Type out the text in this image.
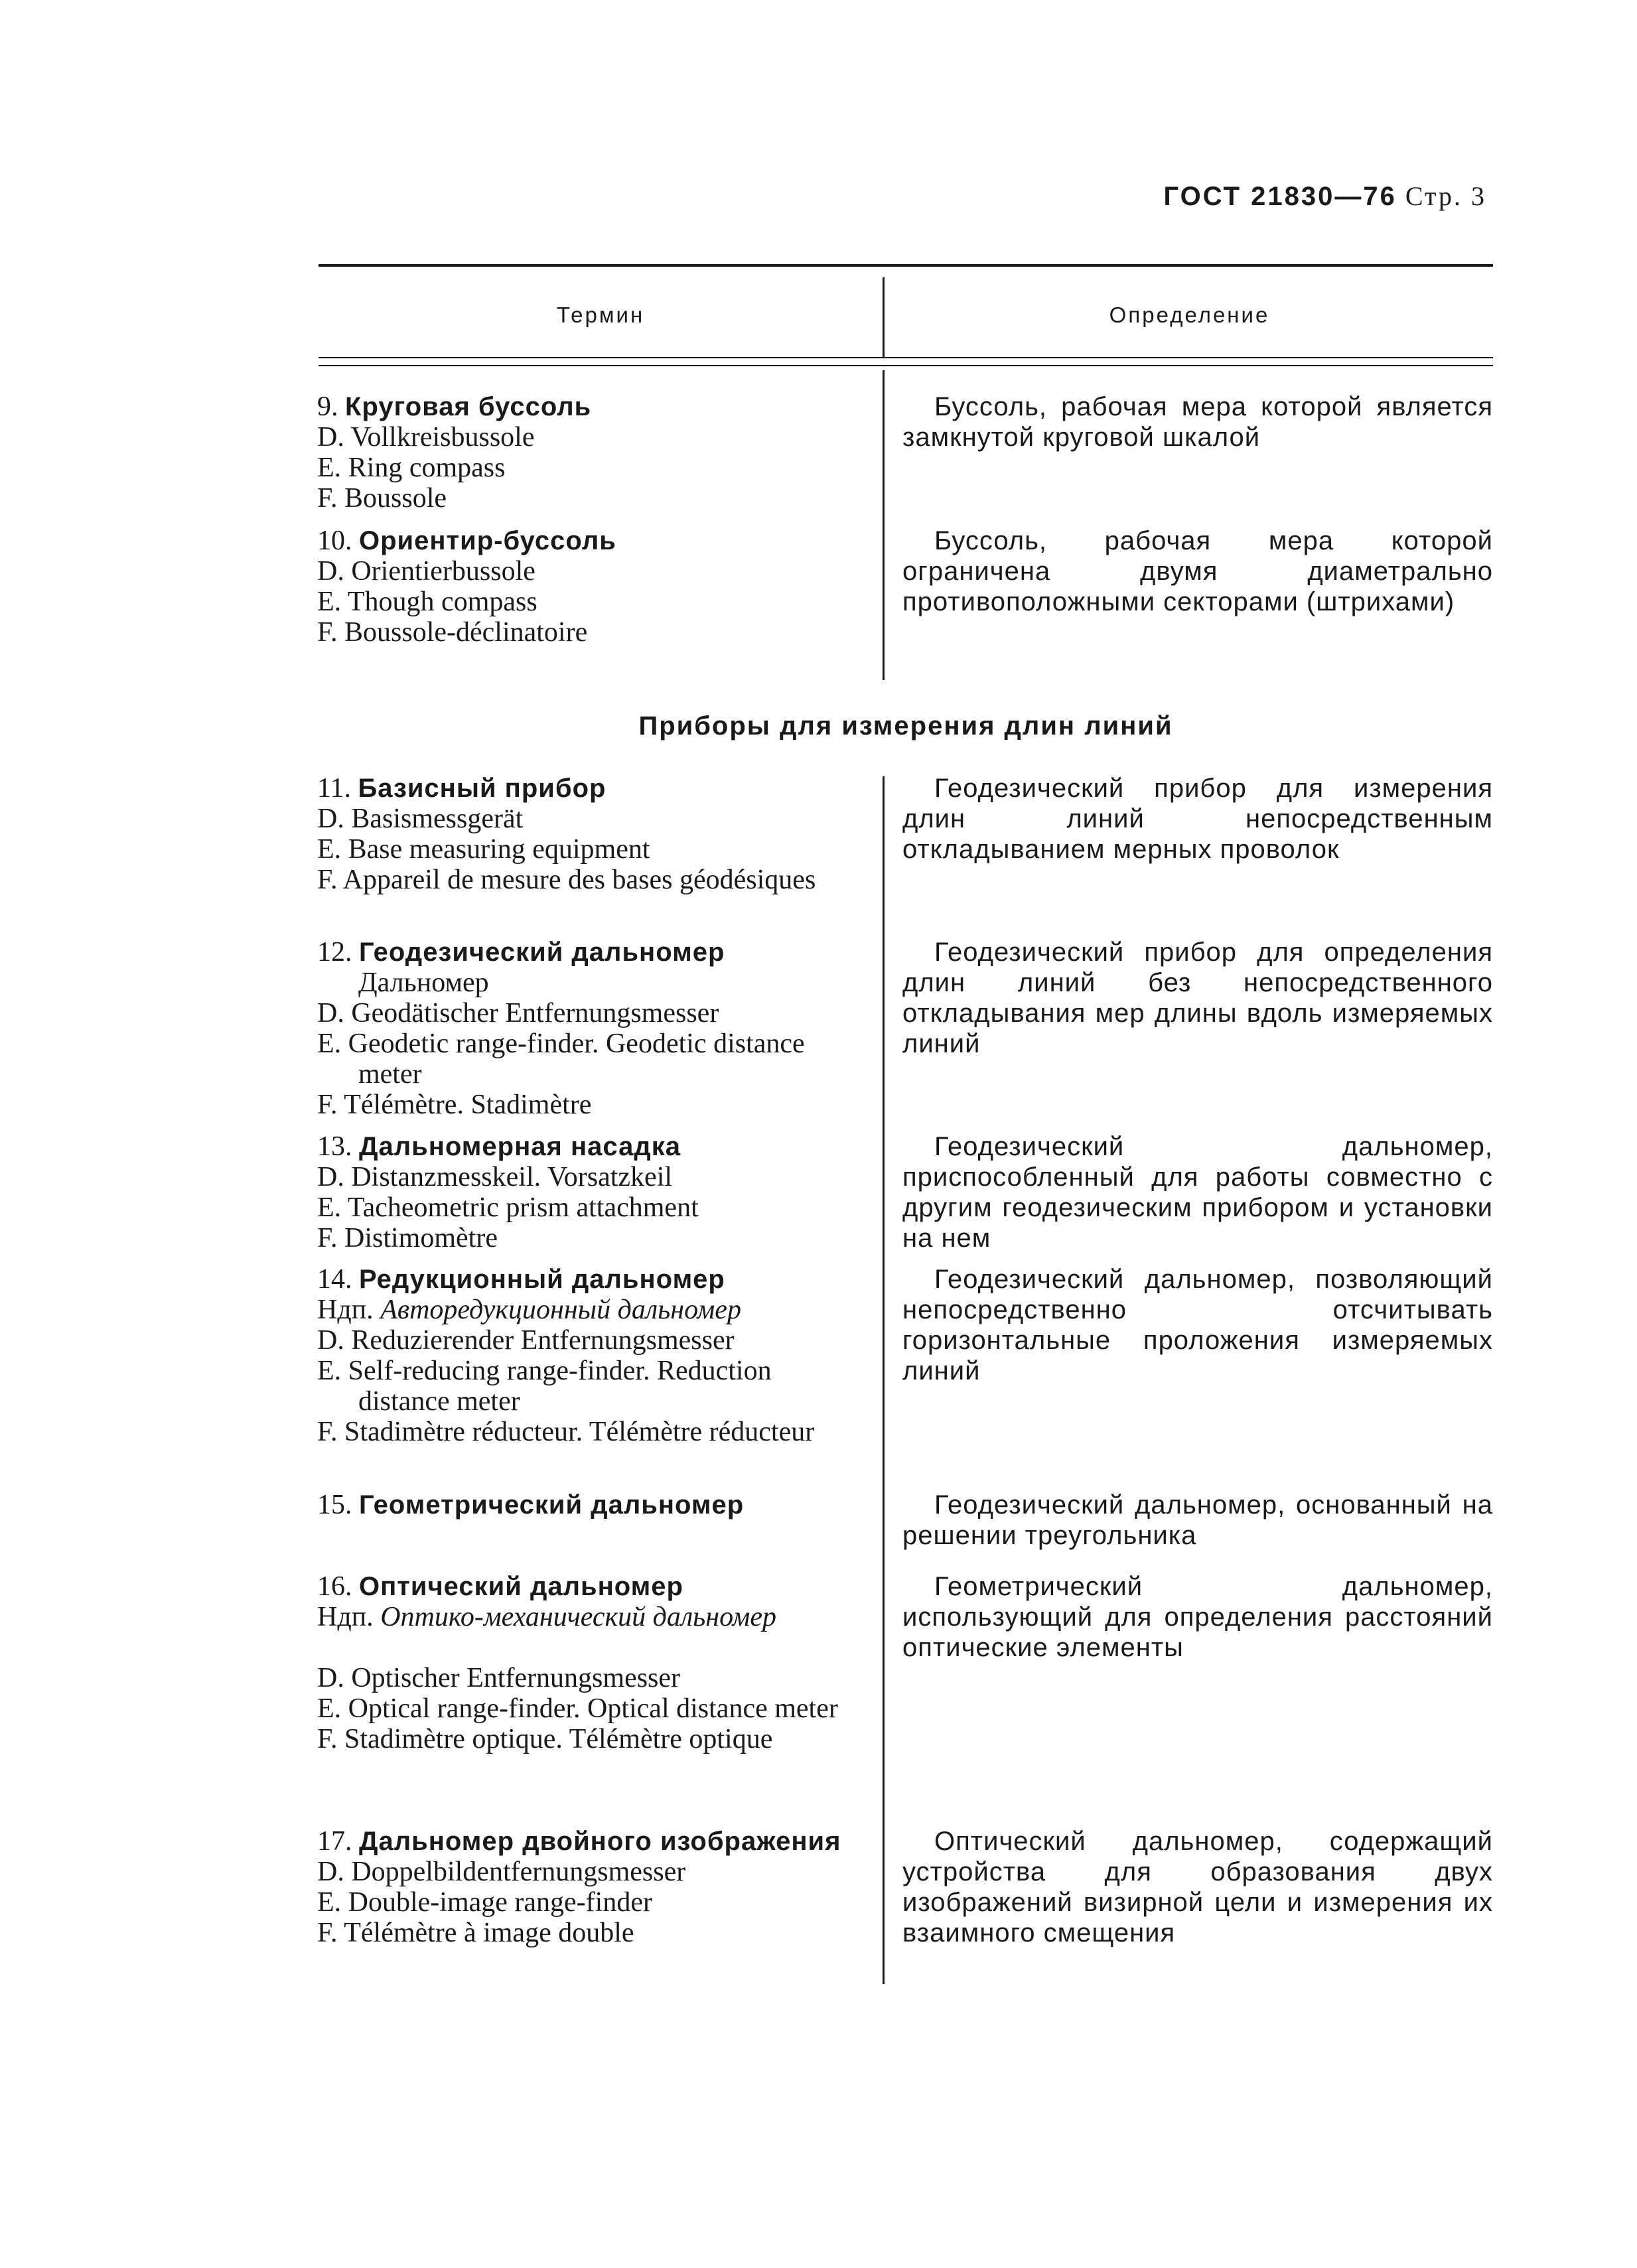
ГОСТ 21830—76 Стр. 3
Термин	Определение
Приборы для измерения длин линий
9. Круговая буссоль
D. Vollkreisbussole
E. Ring compass
F. Boussole
Буссоль, рабочая мера которой является замкнутой круговой шкалой
10. Ориентир-буссоль
D. Orientierbussole
E. Though compass
F. Boussole-déclinatoire
Буссоль, рабочая мера которой ограничена двумя диаметрально противоположными секторами (штрихами)
11. Базисный прибор
D. Basismessgerät
E. Base measuring equipment
F. Appareil de mesure des bases géodésiques
Геодезический прибор для измерения длин линий непосредственным откладыванием мерных проволок
12. Геодезический дальномер
Дальномер
D. Geodätischer Entfernungsmesser
E. Geodetic range-finder. Geodetic distance meter
F. Télémètre. Stadimètre
Геодезический прибор для определения длин линий без непосредственного откладывания мер длины вдоль измеряемых линий
13. Дальномерная насадка
D. Distanzmesskeil. Vorsatzkeil
E. Tacheometric prism attachment
F. Distimomètre
Геодезический дальномер, приспособленный для работы совместно с другим геодезическим прибором и установки на нем
14. Редукционный дальномер
Ндп. Авторедукционный дальномер
D. Reduzierender Entfernungsmesser
E. Self-reducing range-finder. Reduction distance meter
F. Stadimètre réducteur. Télémètre réducteur
Геодезический дальномер, позволяющий непосредственно отсчитывать горизонтальные проложения измеряемых линий
15. Геометрический дальномер	Геодезический дальномер, основанный на решении треугольника
16. Оптический дальномер
Ндп. Оптико-механический дальномер
D. Optischer Entfernungsmesser
E. Optical range-finder. Optical distance meter
F. Stadimètre optique. Télémètre optique
Геометрический дальномер, использующий для определения расстояний оптические элементы
17. Дальномер двойного изображения
D. Doppelbildentfernungsmesser
E. Double-image range-finder
F. Télémètre à image double
Оптический дальномер, содержащий устройства для образования двух изображений визирной цели и измерения их взаимного смещения
